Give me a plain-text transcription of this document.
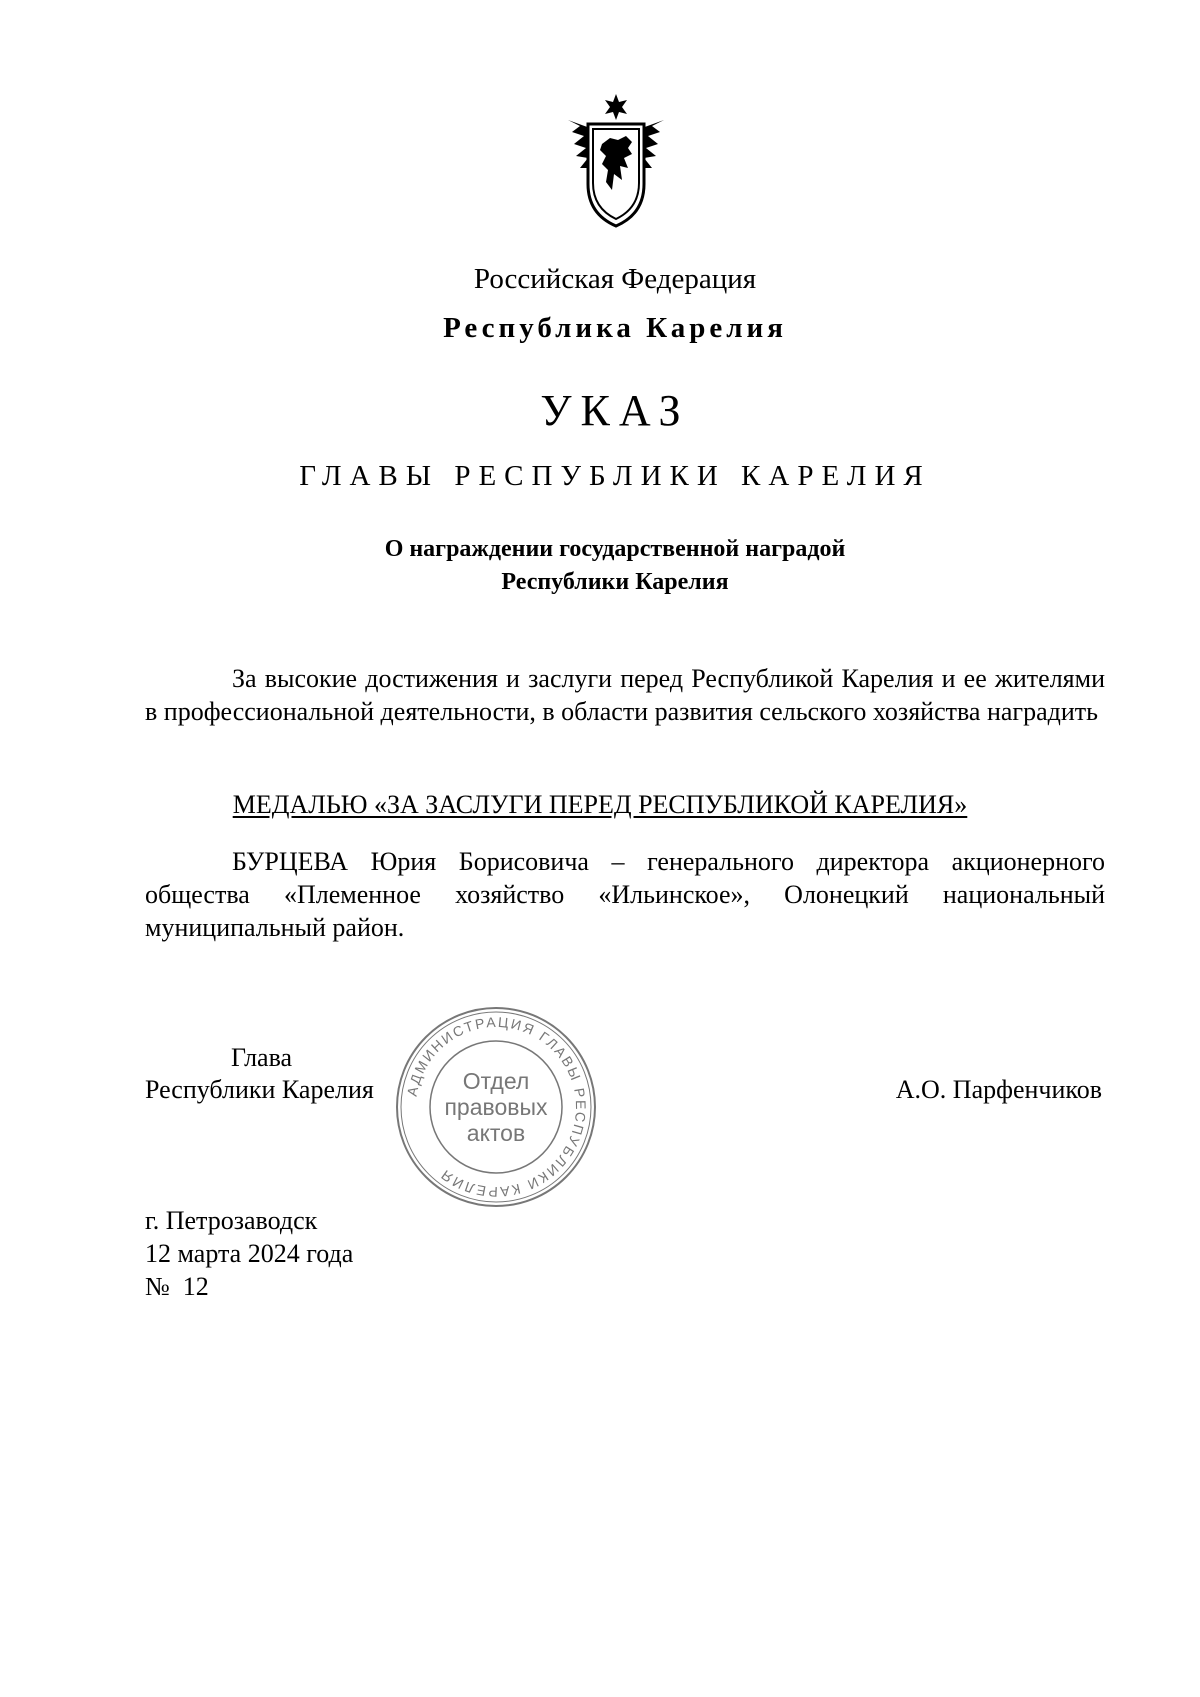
Российская Федерация
Республика Карелия
УКАЗ
ГЛАВЫ РЕСПУБЛИКИ КАРЕЛИЯ
О награждении государственной наградой
Республики Карелия
За высокие достижения и заслуги перед Республикой Карелия и ее жителями в профессиональной деятельности, в области развития сельского хозяйства наградить
МЕДАЛЬЮ «ЗА ЗАСЛУГИ ПЕРЕД РЕСПУБЛИКОЙ КАРЕЛИЯ»
БУРЦЕВА Юрия Борисовича – генерального директора акционерного общества «Племенное хозяйство «Ильинское», Олонецкий национальный муниципальный район.
Глава
Республики Карелия	А.О. Парфенчиков
АДМИНИСТРАЦИЯ ГЛАВЫ РЕСПУБЛИКИ КАРЕЛИЯ
Отдел
правовых
актов
г. Петрозаводск
12 марта 2024 года
№  12
